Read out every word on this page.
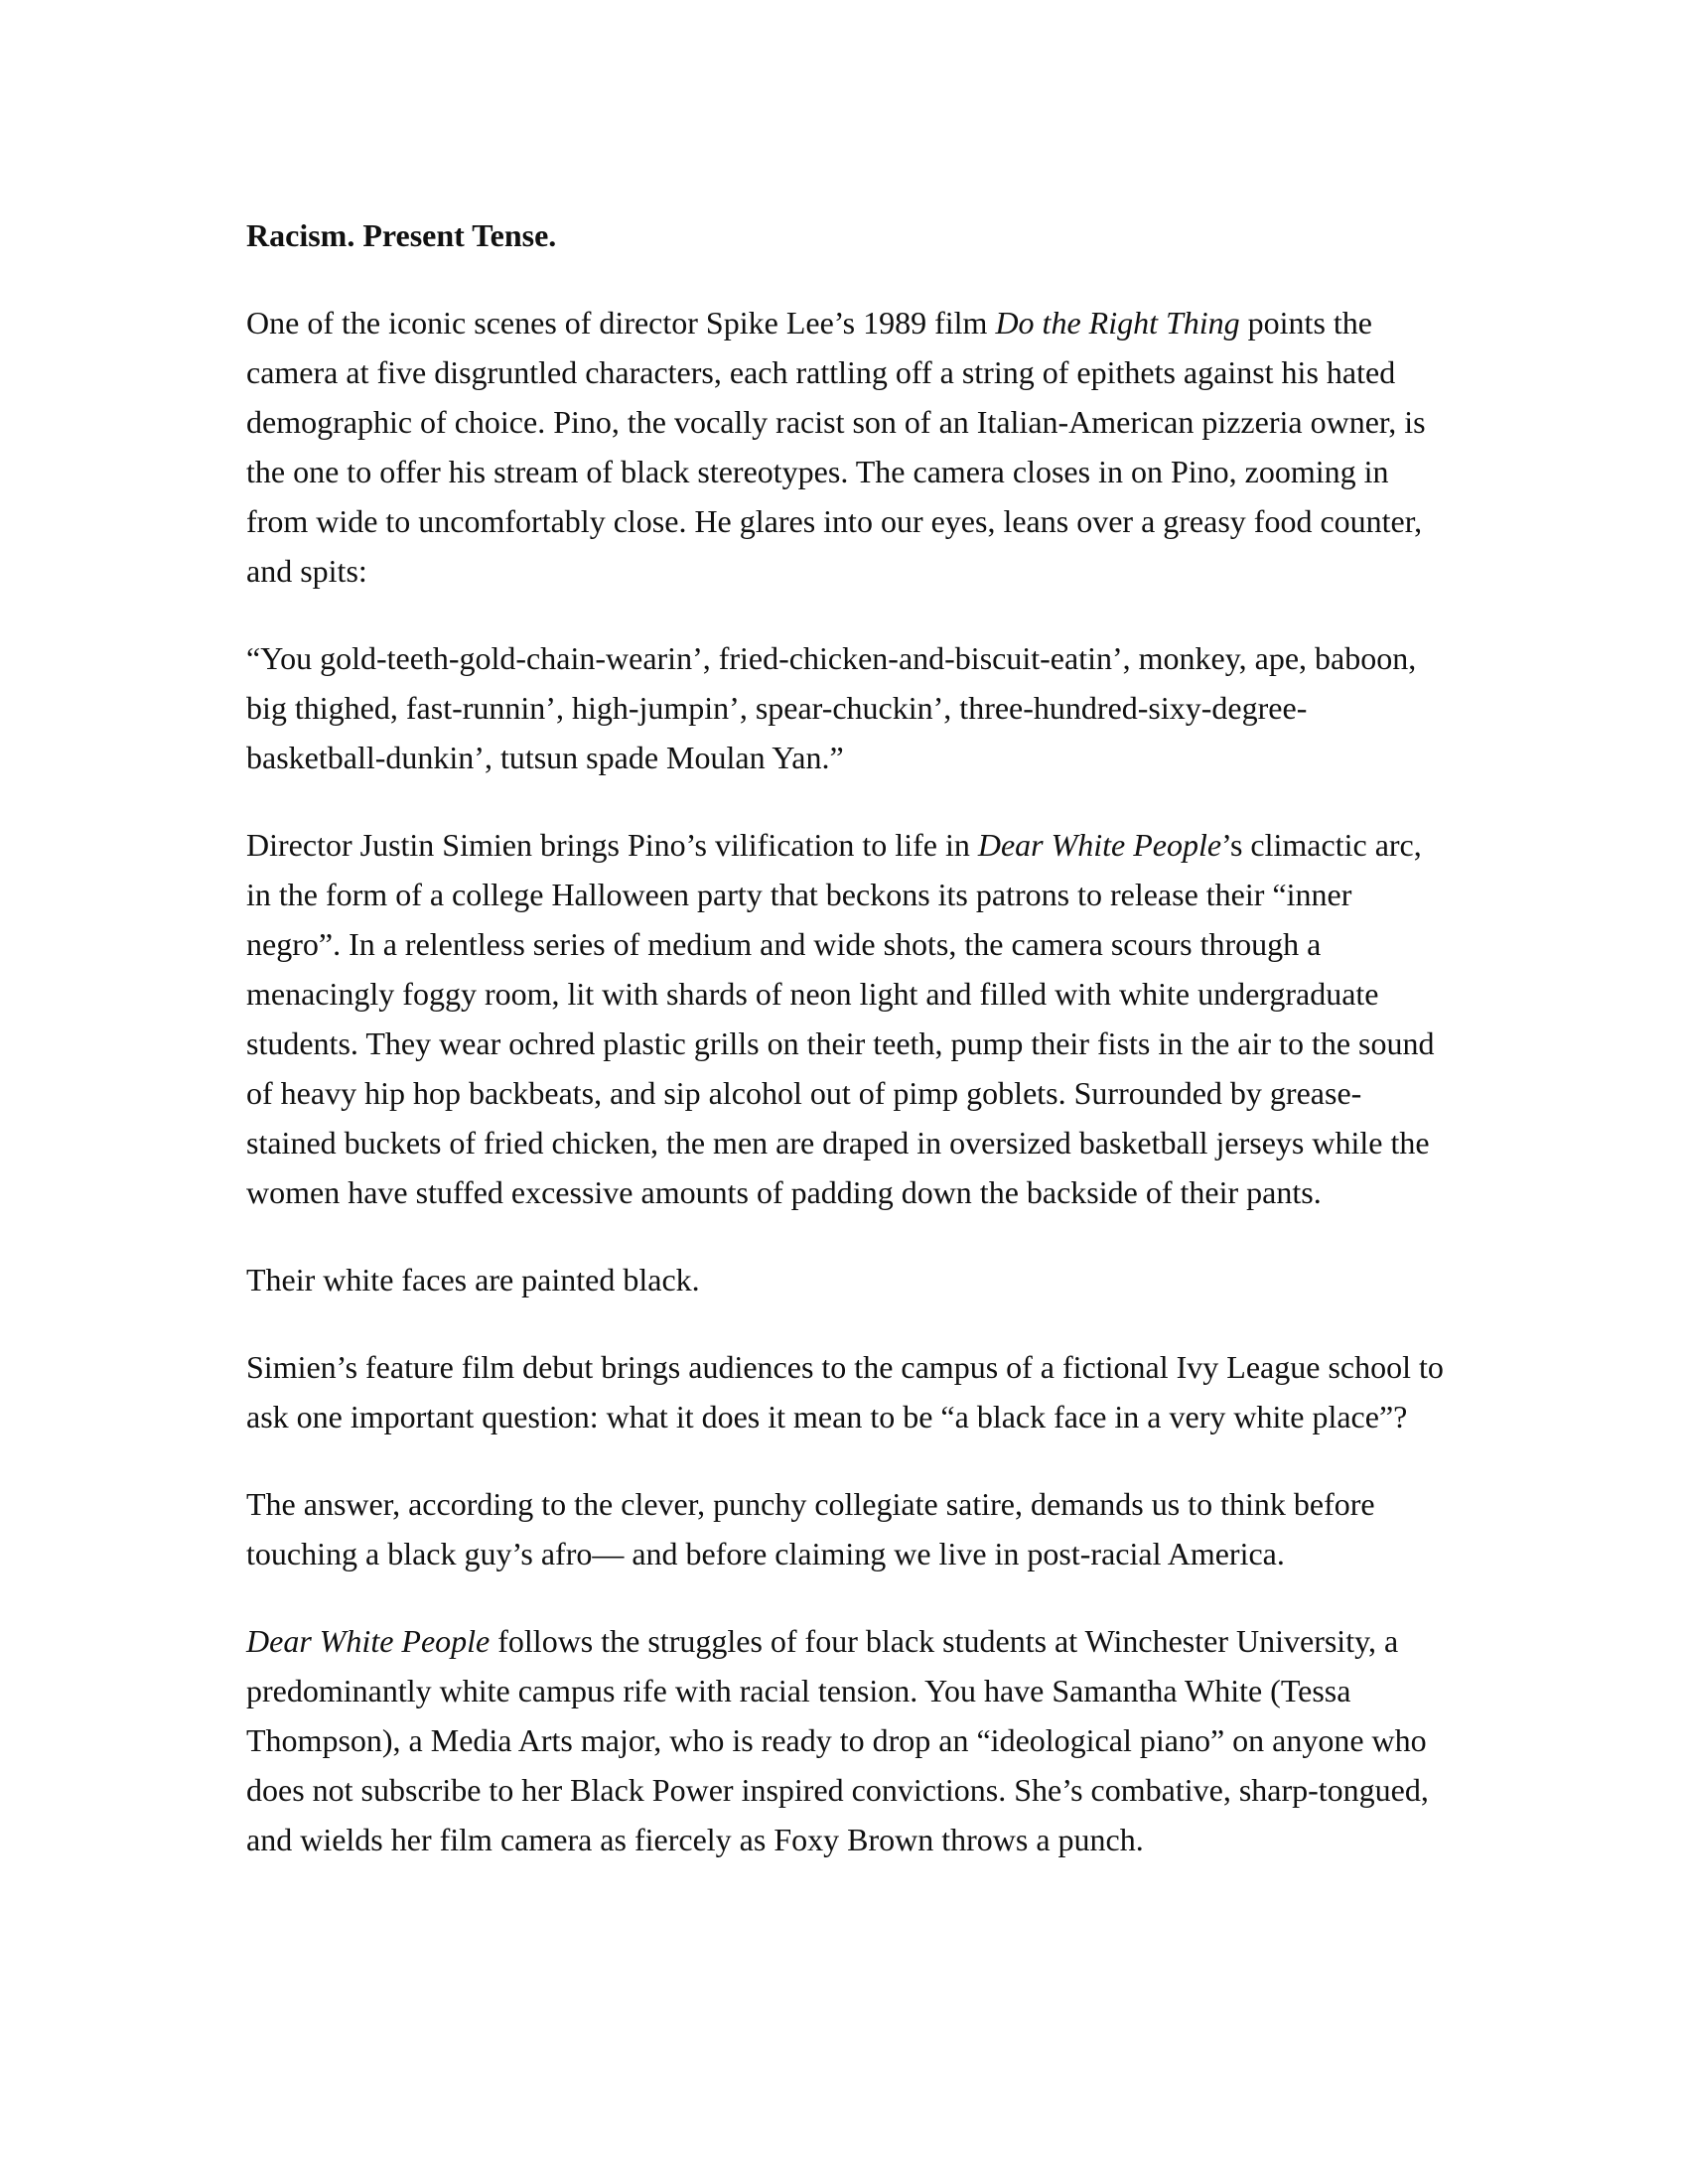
Racism. Present Tense.

One of the iconic scenes of director Spike Lee’s 1989 film Do the Right Thing points the camera at five disgruntled characters, each rattling off a string of epithets against his hated demographic of choice. Pino, the vocally racist son of an Italian-American pizzeria owner, is the one to offer his stream of black stereotypes. The camera closes in on Pino, zooming in from wide to uncomfortably close. He glares into our eyes, leans over a greasy food counter, and spits:

“You gold-teeth-gold-chain-wearin’, fried-chicken-and-biscuit-eatin’, monkey, ape, baboon, big thighed, fast-runnin’, high-jumpin’, spear-chuckin’, three-hundred-sixy-degree-basketball-dunkin’, tutsun spade Moulan Yan.”

Director Justin Simien brings Pino’s vilification to life in Dear White People’s climactic arc, in the form of a college Halloween party that beckons its patrons to release their “inner negro”. In a relentless series of medium and wide shots, the camera scours through a menacingly foggy room, lit with shards of neon light and filled with white undergraduate students. They wear ochred plastic grills on their teeth, pump their fists in the air to the sound of heavy hip hop backbeats, and sip alcohol out of pimp goblets. Surrounded by grease-stained buckets of fried chicken, the men are draped in oversized basketball jerseys while the women have stuffed excessive amounts of padding down the backside of their pants.

Their white faces are painted black.

Simien’s feature film debut brings audiences to the campus of a fictional Ivy League school to ask one important question: what it does it mean to be “a black face in a very white place”?

The answer, according to the clever, punchy collegiate satire, demands us to think before touching a black guy’s afro— and before claiming we live in post-racial America.

Dear White People follows the struggles of four black students at Winchester University, a predominantly white campus rife with racial tension. You have Samantha White (Tessa Thompson), a Media Arts major, who is ready to drop an “ideological piano” on anyone who does not subscribe to her Black Power inspired convictions. She’s combative, sharp-tongued, and wields her film camera as fiercely as Foxy Brown throws a punch.
